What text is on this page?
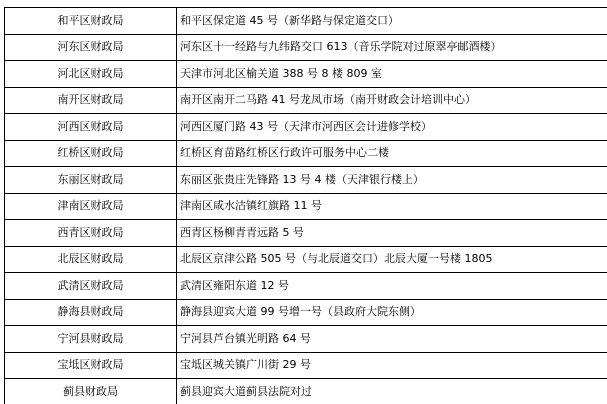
和平区财政局	和平区保定道 45 号（新华路与保定道交口）
河东区财政局	河东区十一经路与九纬路交口 613（音乐学院对过原翠亭邮酒楼）
河北区财政局	天津市河北区榆关道 388 号 8 楼 809 室
南开区财政局	南开区南开二马路 41 号龙凤市场（南开财政会计培训中心）
河西区财政局	河西区厦门路 43 号（天津市河西区会计进修学校）
红桥区财政局	红桥区育苗路红桥区行政许可服务中心二楼
东丽区财政局	东丽区张贵庄先锋路 13 号 4 楼（天津银行楼上）
津南区财政局	津南区咸水沽镇红旗路 11 号
西青区财政局	西青区杨柳青青远路 5 号
北辰区财政局	北辰区京津公路 505 号（与北辰道交口）北辰大厦一号楼 1805
武清区财政局	武清区雍阳东道 12 号
静海县财政局	静海县迎宾大道 99 号增一号（县政府大院东侧）
宁河县财政局	宁河县芦台镇光明路 64 号
宝坻区财政局	宝坻区城关镇广川街 29 号
蓟县财政局	蓟县迎宾大道蓟县法院对过
